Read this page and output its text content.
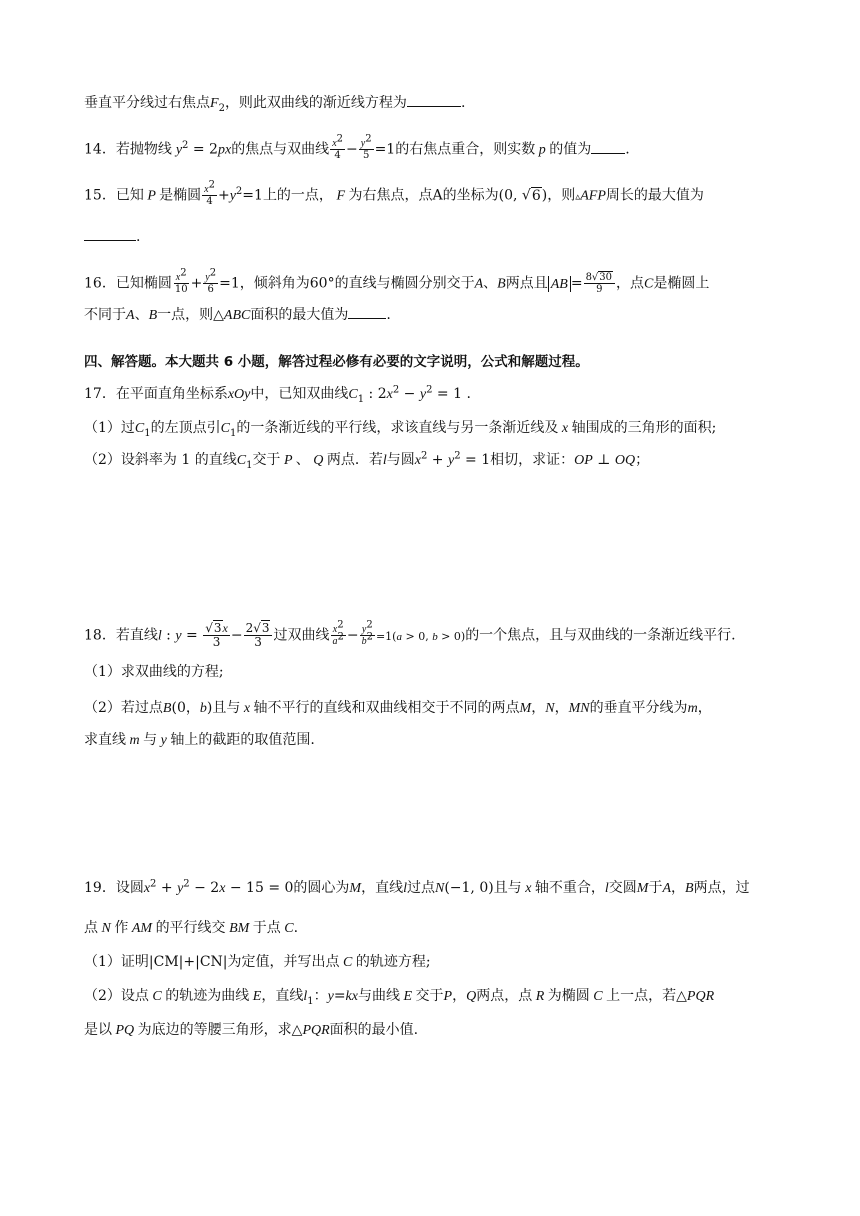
垂直平分线过右焦点$F_2$，则此双曲线的渐近线方程为	.
14．若抛物线 $y^2 = 2px$的焦点与双曲线 $\frac{x^2}{4} - \frac{y^2}{5} =1$的右焦点重合，则实数 p 的值为 .
15．已知 P 是椭圆 $\frac{x^2}{4} +y^2=1$上的一点， F 为右焦点，点A的坐标为(0, √6)，则▵AFP周长的最大值为
.
16．已知椭圆 $\frac{x^2}{10} + \frac{y^2}{6} =1$，倾斜角为60°的直线与椭圆分别交于A、B两点且 AB = $\frac{8√30}{9}$ ，点C是椭圆上
不同于A、B一点，则△ABC面积的最大值为	.
四、解答题。本大题共 6 小题，解答过程必修有必要的文字说明，公式和解题过程。
17．在平面直角坐标系xOy中，已知双曲线$C_1$ : $2x^2 - y^2 = 1$ .
（1）过$C_1$的左顶点引$C_1$的一条渐近线的平行线，求该直线与另一条渐近线及 x 轴围成的三角形的面积;
（2）设斜率为 1 的直线$C_1$交于 P 、 Q 两点．若l与圆$x^2 + y^2 = 1$相切，求证：OP ⊥ OQ；
18．若直线l : $y = \frac{√3x}{3} - \frac{2√3}{3}$ 过双曲线 $\frac{x^2}{a^2} - \frac{y^2}{b^2} =1(a > 0$, b > 0)的一个焦点，且与双曲线的一条渐近线平行.
（1）求双曲线的方程;
（2）若过点B(0，b)且与 x 轴不平行的直线和双曲线相交于不同的两点M，N，MN的垂直平分线为m，
求直线 m 与 y 轴上的截距的取值范围.
19．设圆$x^2 + y^2 - 2x - 15 = 0$的圆心为M，直线l过点N(−1, 0)且与 x 轴不重合，l交圆M于A，B两点，过
点 N 作 AM 的平行线交 BM 于点 C.
（1）证明|CM|+|CN|为定值，并写出点 C 的轨迹方程;
（2）设点 C 的轨迹为曲线 E，直线$l_1$：y=kx与曲线 E 交于P，Q两点，点 R 为椭圆 C 上一点，若△PQR
是以 PQ 为底边的等腰三角形，求△PQR面积的最小值.
